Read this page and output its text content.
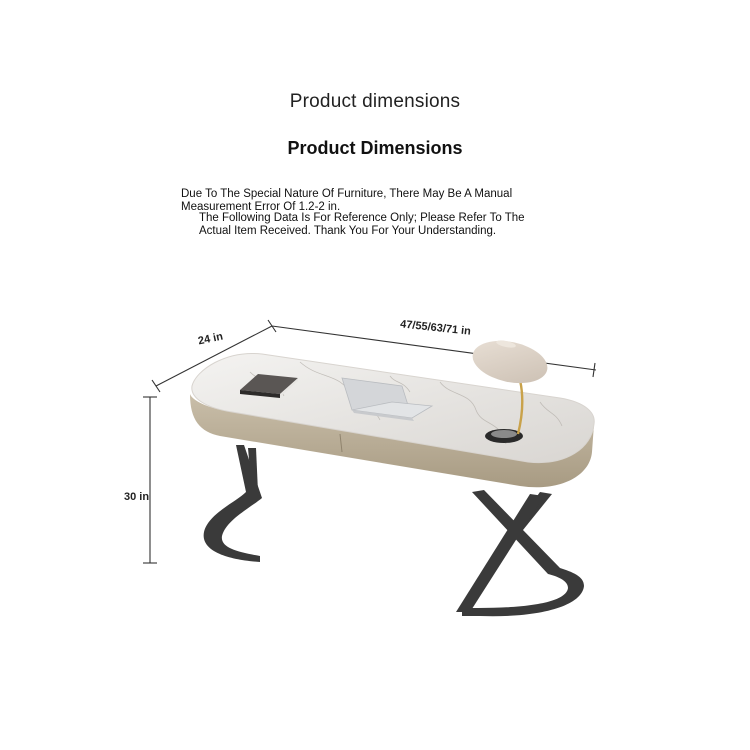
Product dimensions
Product Dimensions
Due To The Special Nature Of Furniture, There May Be A Manual Measurement Error Of 1.2-2 in.
The Following Data Is For Reference Only; Please Refer To The Actual Item Received. Thank You For Your Understanding.
24 in
47/55/63/71 in
30 in
